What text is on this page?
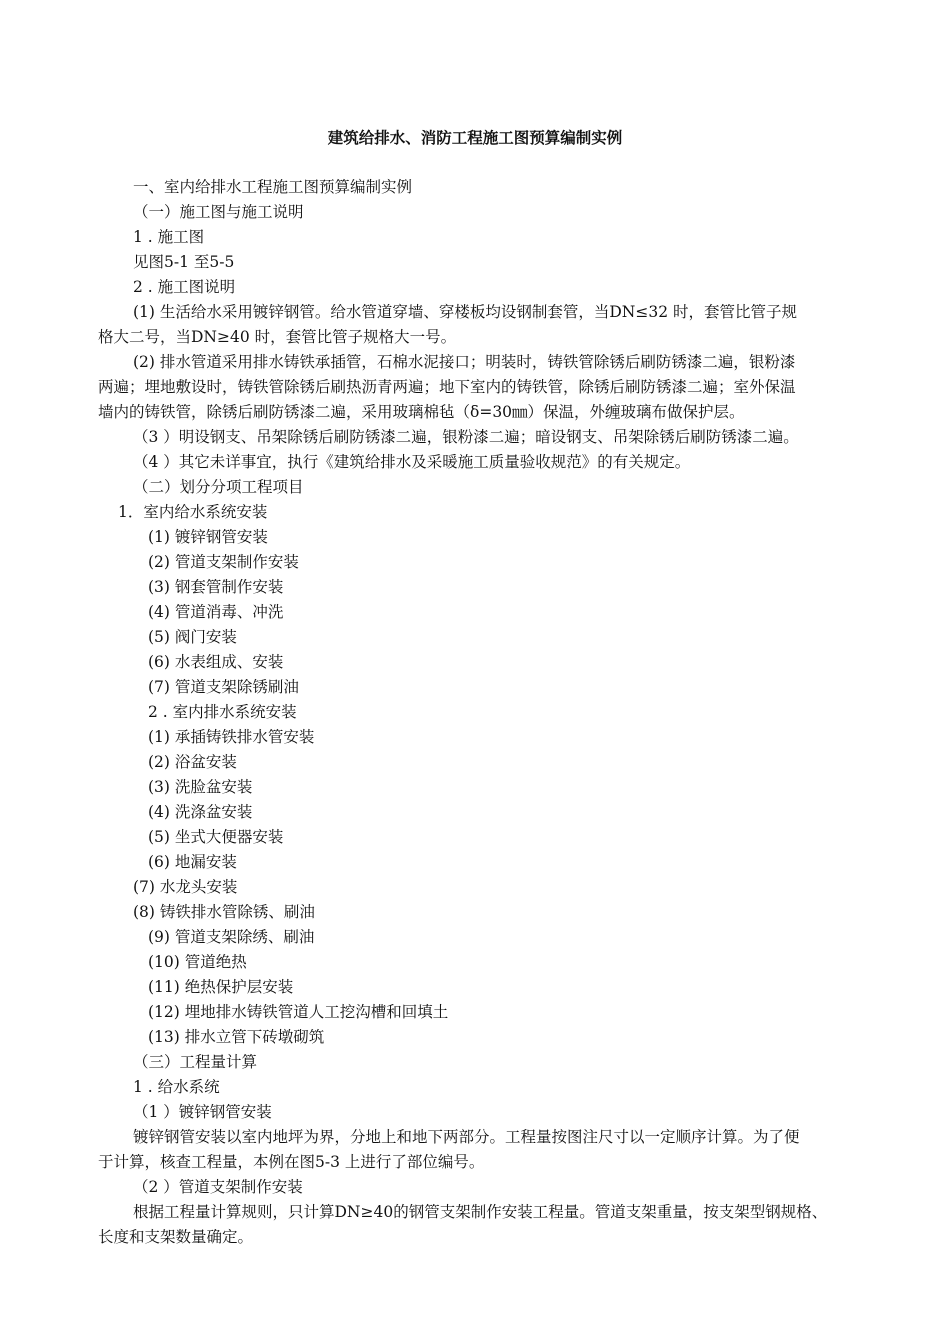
建筑给排水、消防工程施工图预算编制实例
一、室内给排水工程施工图预算编制实例
（一）施工图与施工说明
1 . 施工图
见图5-1 至5-5
2 . 施工图说明
(1) 生活给水采用镀锌钢管。给水管道穿墙、穿楼板均设钢制套管，当DN≤32 时，套管比管子规
格大二号，当DN≥40 时，套管比管子规格大一号。
(2) 排水管道采用排水铸铁承插管，石棉水泥接口；明装时，铸铁管除锈后刷防锈漆二遍，银粉漆
两遍；埋地敷设时，铸铁管除锈后刷热沥青两遍；地下室内的铸铁管，除锈后刷防锈漆二遍；室外保温
墙内的铸铁管，除锈后刷防锈漆二遍，采用玻璃棉毡（δ=30㎜）保温，外缠玻璃布做保护层。
（3 ）明设钢支、吊架除锈后刷防锈漆二遍，银粉漆二遍；暗设钢支、吊架除锈后刷防锈漆二遍。
（4 ）其它未详事宜，执行《建筑给排水及采暖施工质量验收规范》的有关规定。
（二）划分分项工程项目
1．室内给水系统安装
(1) 镀锌钢管安装
(2) 管道支架制作安装
(3) 钢套管制作安装
(4) 管道消毒、冲洗
(5) 阀门安装
(6) 水表组成、安装
(7) 管道支架除锈刷油
2 . 室内排水系统安装
(1) 承插铸铁排水管安装
(2) 浴盆安装
(3) 洗脸盆安装
(4) 洗涤盆安装
(5) 坐式大便器安装
(6) 地漏安装
(7) 水龙头安装
(8) 铸铁排水管除锈、刷油
(9) 管道支架除绣、刷油
(10) 管道绝热
(11) 绝热保护层安装
(12) 埋地排水铸铁管道人工挖沟槽和回填土
(13) 排水立管下砖墩砌筑
（三）工程量计算
1 . 给水系统
（1 ）镀锌钢管安装
镀锌钢管安装以室内地坪为界，分地上和地下两部分。工程量按图注尺寸以一定顺序计算。为了便
于计算，核查工程量，本例在图5-3 上进行了部位编号。
（2 ）管道支架制作安装
根据工程量计算规则，只计算DN≥40的钢管支架制作安装工程量。管道支架重量，按支架型钢规格、
长度和支架数量确定。
